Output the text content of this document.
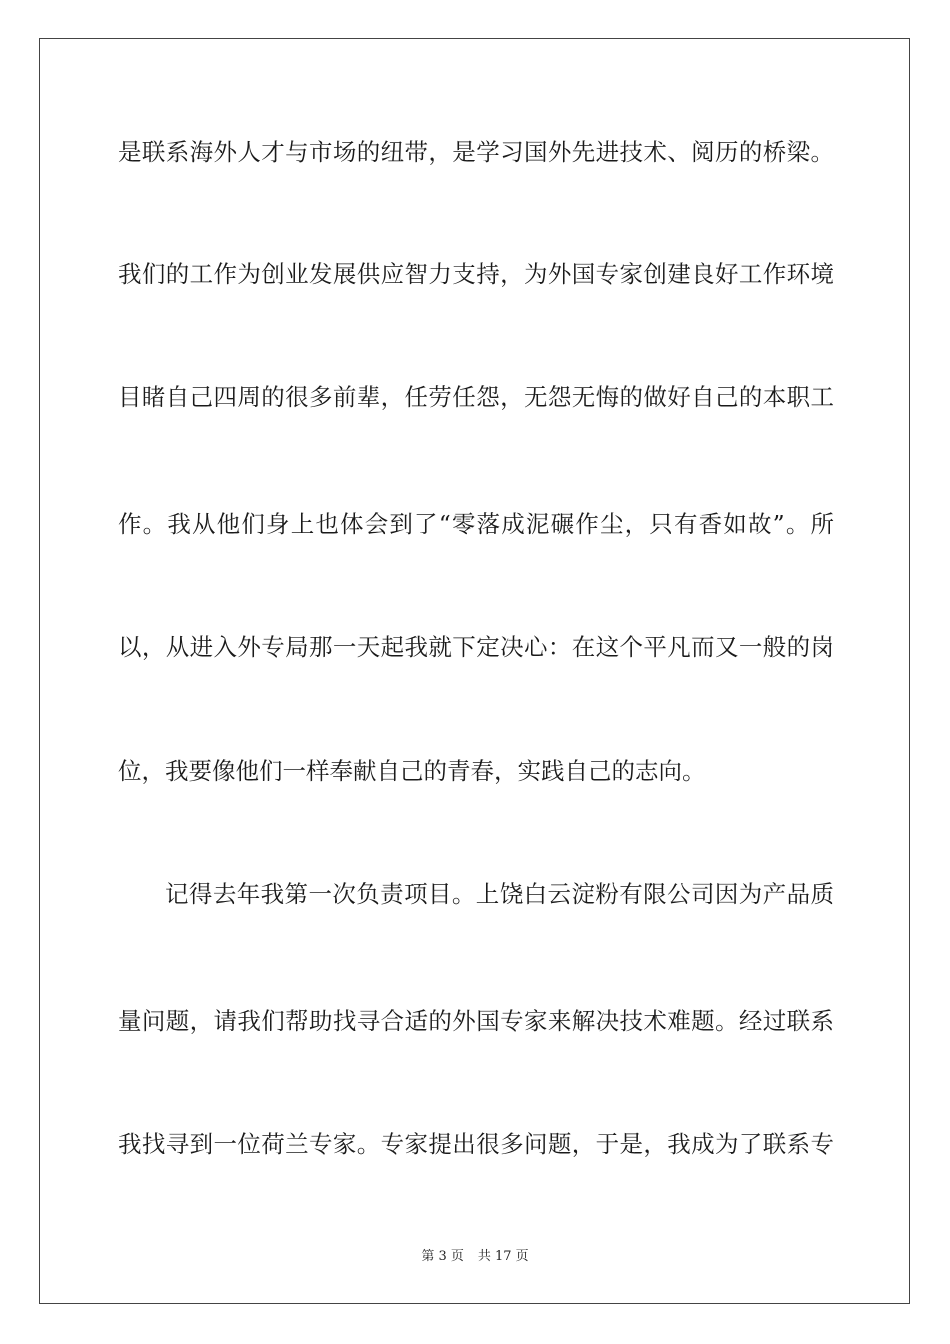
是联系海外人才与市场的纽带，是学习国外先进技术、阅历的桥梁。
我们的工作为创业发展供应智力支持，为外国专家创建良好工作环境
目睹自己四周的很多前辈，任劳任怨，无怨无悔的做好自己的本职工
作。我从他们身上也体会到了“零落成泥碾作尘，只有香如故”。所
以，从进入外专局那一天起我就下定决心：在这个平凡而又一般的岗
位，我要像他们一样奉献自己的青春，实践自己的志向。
记得去年我第一次负责项目。上饶白云淀粉有限公司因为产品质
量问题，请我们帮助找寻合适的外国专家来解决技术难题。经过联系
我找寻到一位荷兰专家。专家提出很多问题，于是，我成为了联系专
第 3 页 共 17 页
